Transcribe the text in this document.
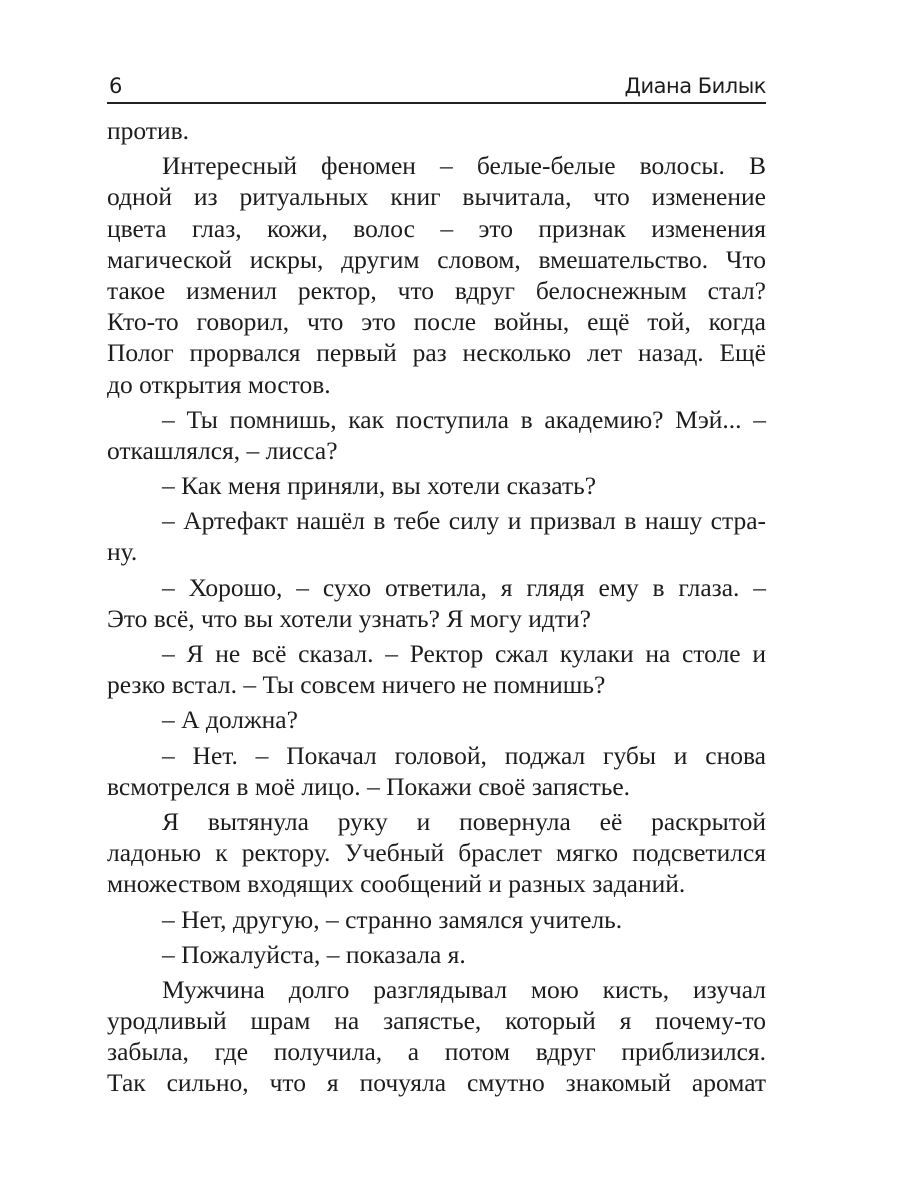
6	Диана Билык
против.
Интересный феномен – белые-белые волосы. В
одной из ритуальных книг вычитала, что изменение
цвета глаз, кожи, волос – это признак изменения
магической искры, другим словом, вмешательство. Что
такое изменил ректор, что вдруг белоснежным стал?
Кто-то говорил, что это после войны, ещё той, когда
Полог прорвался первый раз несколько лет назад. Ещё
до открытия мостов.
– Ты помнишь, как поступила в академию? Мэй... –
откашлялся, – лисса?
– Как меня приняли, вы хотели сказать?
– Артефакт нашёл в тебе силу и призвал в нашу стра-
ну.
– Хорошо, – сухо ответила, я глядя ему в глаза. –
Это всё, что вы хотели узнать? Я могу идти?
– Я не всё сказал. – Ректор сжал кулаки на столе и
резко встал. – Ты совсем ничего не помнишь?
– А должна?
– Нет. – Покачал головой, поджал губы и снова
всмотрелся в моё лицо. – Покажи своё запястье.
Я вытянула руку и повернула её раскрытой
ладонью к ректору. Учебный браслет мягко подсветился
множеством входящих сообщений и разных заданий.
– Нет, другую, – странно замялся учитель.
– Пожалуйста, – показала я.
Мужчина долго разглядывал мою кисть, изучал
уродливый шрам на запястье, который я почему-то
забыла, где получила, а потом вдруг приблизился.
Так сильно, что я почуяла смутно знакомый аромат
